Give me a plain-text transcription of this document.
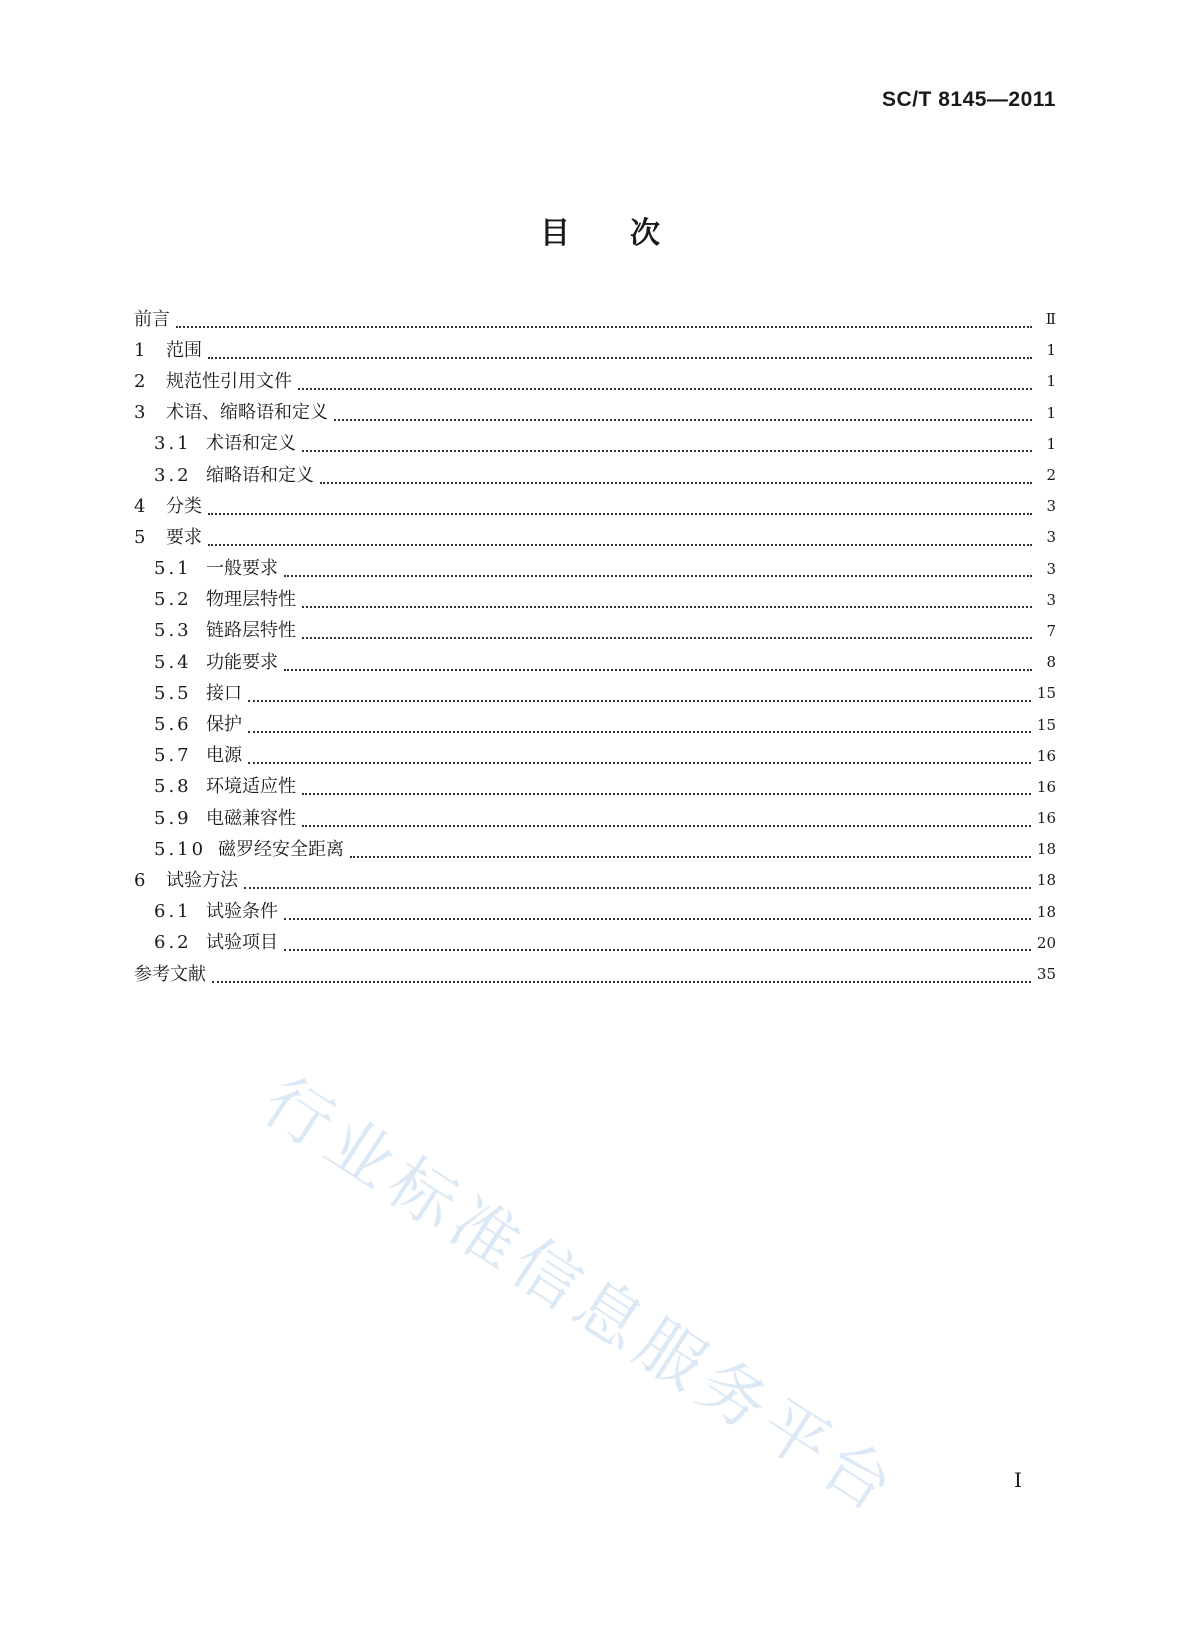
SC/T 8145—2011
目 次
前言	Ⅱ
1 范围	1
2 规范性引用文件	1
3 术语、缩略语和定义	1
3.1 术语和定义	1
3.2 缩略语和定义	2
4 分类	3
5 要求	3
5.1 一般要求	3
5.2 物理层特性	3
5.3 链路层特性	7
5.4 功能要求	8
5.5 接口	15
5.6 保护	15
5.7 电源	16
5.8 环境适应性	16
5.9 电磁兼容性	16
5.10 磁罗经安全距离	18
6 试验方法	18
6.1 试验条件	18
6.2 试验项目	20
参考文献	35
行业标准信息服务平台	I
